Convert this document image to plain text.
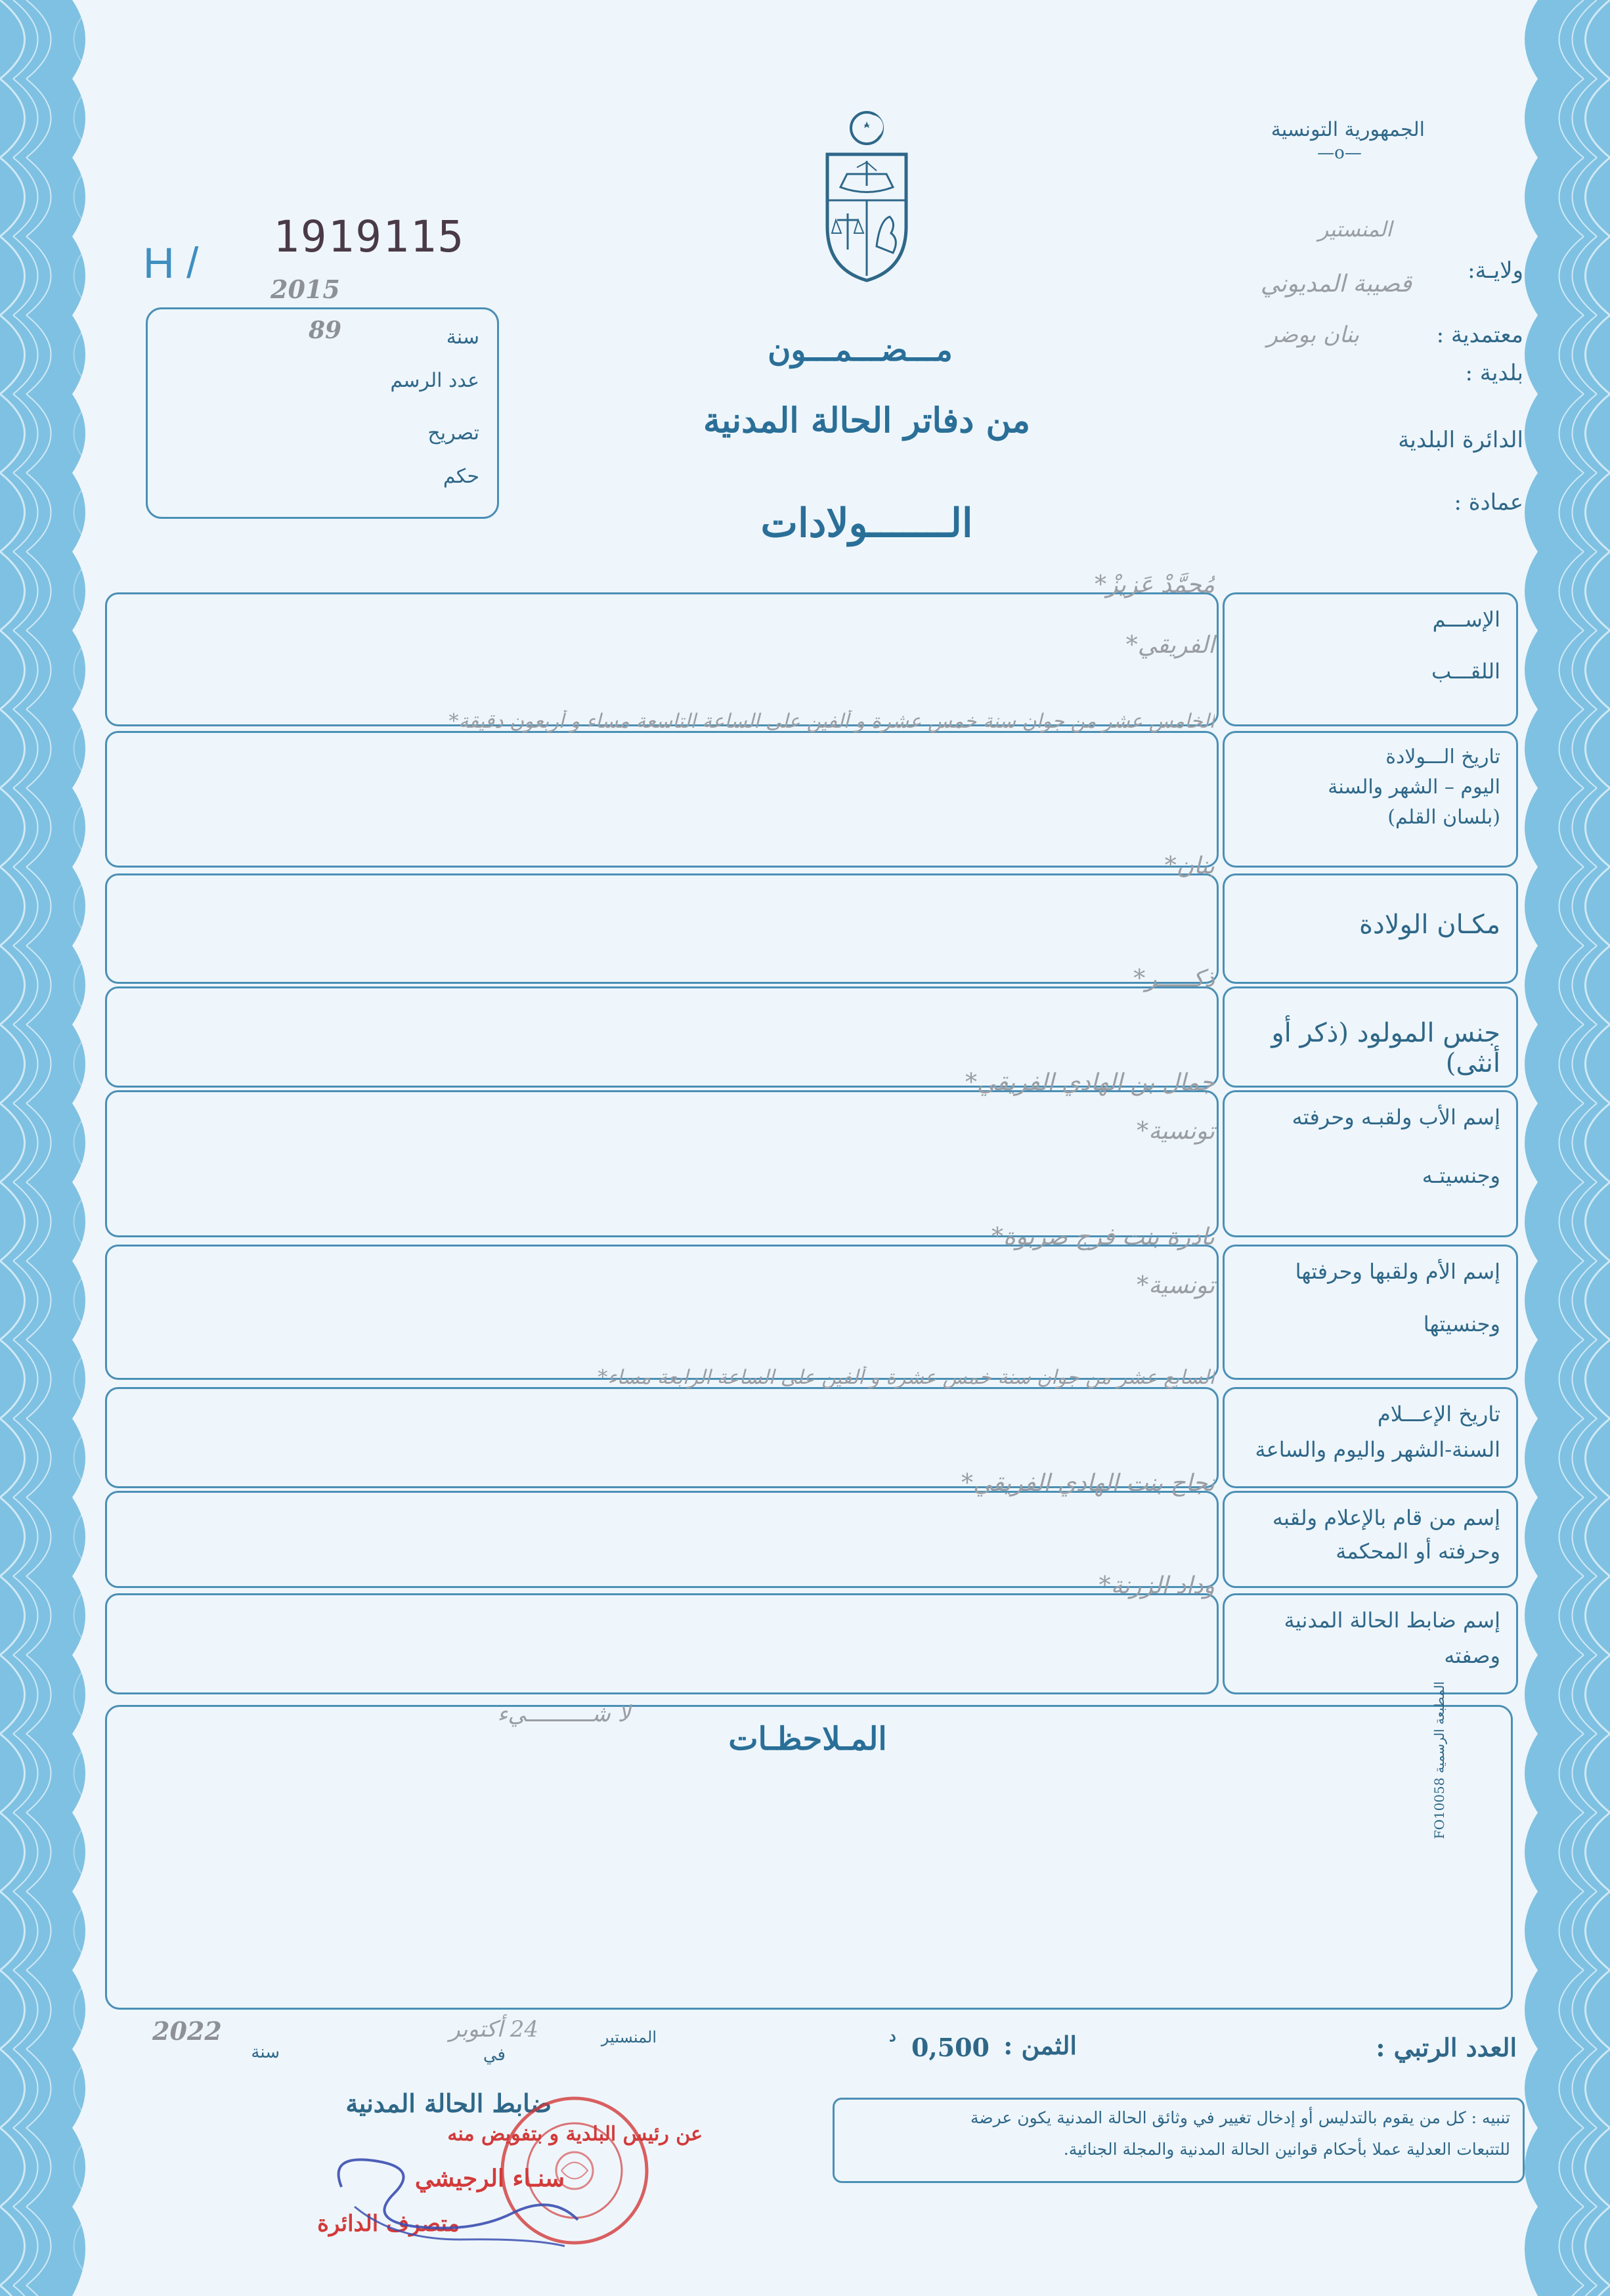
الجمهورية التونسية
—o—
المنستير
ولايـة:
قصيبة المديوني
معتمدية :
بنان بوضر
بلدية :
الدائرة البلدية
عمادة :
H /
1919115
2015
89	سنة
عدد الرسم
تصريح
حكم
مـــضـــمـــون
من دفاتر الحالة المدنية
الـــــــولادات
الإســـم
اللقـــب
مُحمَّدْ عَزِيزْ*
الفريقي*
تاريخ الـــولادة
اليوم – الشهر والسنة
(بلسان القلم)
الخامس عشر من جوان سنة خمس عشرة و ألفين على الساعة التاسعة مساء و أربعون دقيقة*
مكـان الولادة
بنان*
جنس المولود (ذكر أو أنثى)
ذكـــــر*
إسم الأب ولقبـه وحرفته
وجنسيتـه
جمال بن الهادي الفريقي*
تونسية*
إسم الأم ولقبها وحرفتها
وجنسيتها
نادرة بنت فرج صربوة*
تونسية*
تاريخ الإعـــلام
السنة-الشهر واليوم والساعة
السابع عشر من جوان سنة خمس عشرة و ألفين على الساعة الرابعة مساء*
إسم من قام بالإعلام ولقبه
وحرفته أو المحكمة
نجاح بنت الهادي الفريقي*
إسم ضابط الحالة المدنية
وصفته
وداد الزرنة*
المـلاحظـات
لا شــــــــــيء
المطبعة الرسمية FO10058
العدد الرتبي :
الثمن :
0,500
د
المنستير
في
24 أكتوبر
سنة
2022
ضابط الحالة المدنية
عن رئيس البلدية و بتفويض منه
سنـاء الرجيشي
متصرف الدائرة
تنبيه : كل من يقوم بالتدليس أو إدخال تغيير في وثائق الحالة المدنية يكون عرضة
للتتبعات العدلية عملا بأحكام قوانين الحالة المدنية والمجلة الجنائية.
